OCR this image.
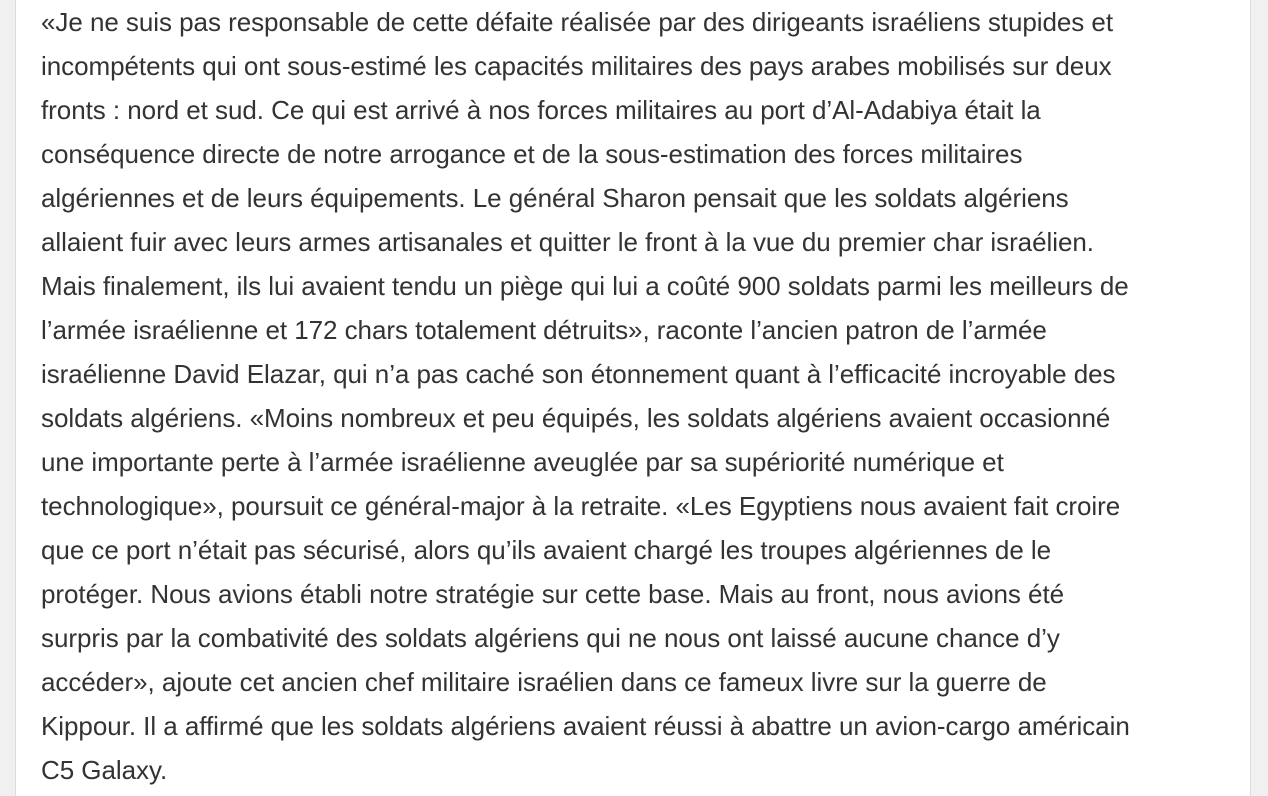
«Je ne suis pas responsable de cette défaite réalisée par des dirigeants israéliens stupides et
incompétents qui ont sous-estimé les capacités militaires des pays arabes mobilisés sur deux
fronts : nord et sud. Ce qui est arrivé à nos forces militaires au port d’Al-Adabiya était la
conséquence directe de notre arrogance et de la sous-estimation des forces militaires
algériennes et de leurs équipements. Le général Sharon pensait que les soldats algériens
allaient fuir avec leurs armes artisanales et quitter le front à la vue du premier char israélien.
Mais finalement, ils lui avaient tendu un piège qui lui a coûté 900 soldats parmi les meilleurs de
l’armée israélienne et 172 chars totalement détruits», raconte l’ancien patron de l’armée
israélienne David Elazar, qui n’a pas caché son étonnement quant à l’efficacité incroyable des
soldats algériens. «Moins nombreux et peu équipés, les soldats algériens avaient occasionné
une importante perte à l’armée israélienne aveuglée par sa supériorité numérique et
technologique», poursuit ce général-major à la retraite. «Les Egyptiens nous avaient fait croire
que ce port n’était pas sécurisé, alors qu’ils avaient chargé les troupes algériennes de le
protéger. Nous avions établi notre stratégie sur cette base. Mais au front, nous avions été
surpris par la combativité des soldats algériens qui ne nous ont laissé aucune chance d’y
accéder», ajoute cet ancien chef militaire israélien dans ce fameux livre sur la guerre de
Kippour. Il a affirmé que les soldats algériens avaient réussi à abattre un avion-cargo américain
C5 Galaxy.
